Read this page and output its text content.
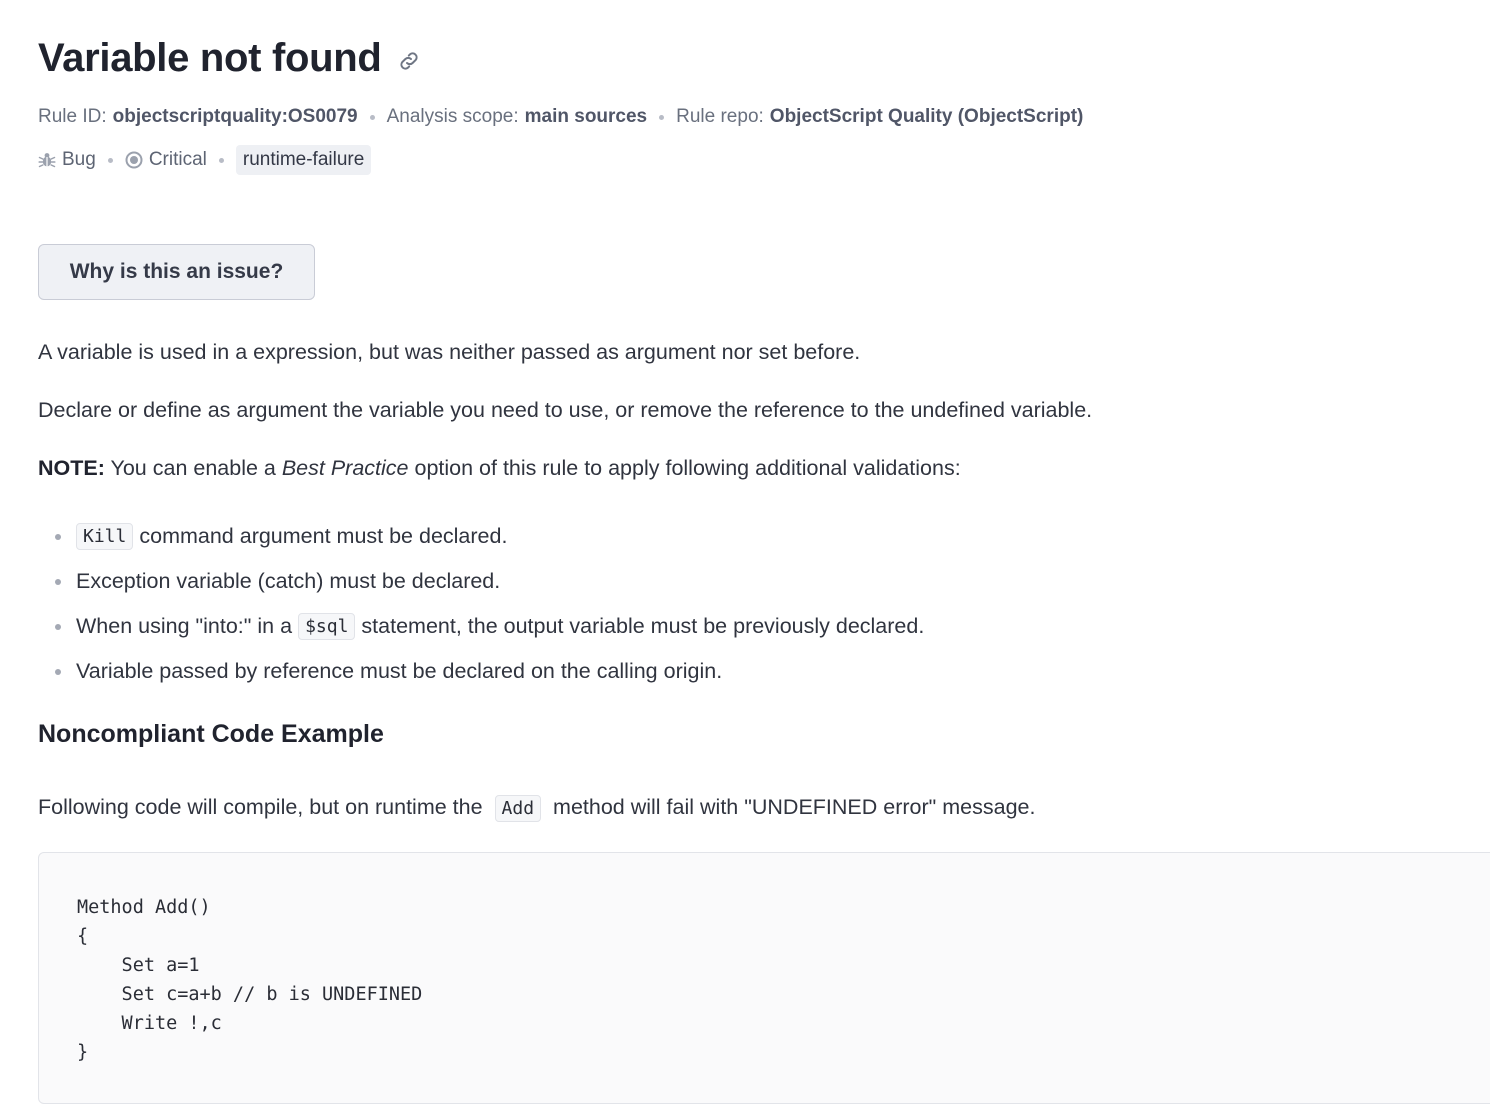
Variable not found
Rule ID: objectscriptquality:OS0079 Analysis scope: main sources Rule repo: ObjectScript Quality (ObjectScript)
Bug	Critical	runtime-failure
Why is this an issue?

A variable is used in a expression, but was neither passed as argument nor set before.

Declare or define as argument the variable you need to use, or remove the reference to the undefined variable.

NOTE: You can enable a Best Practice option of this rule to apply following additional validations:

Kill command argument must be declared.
Exception variable (catch) must be declared.
When using "into:" in a $sql statement, the output variable must be previously declared.
Variable passed by reference must be declared on the calling origin.
Noncompliant Code Example

Following code will compile, but on runtime the Add method will fail with "UNDEFINED error" message.

Method Add()
{
Set a=1
Set c=a+b // b is UNDEFINED
Write !,c
}
